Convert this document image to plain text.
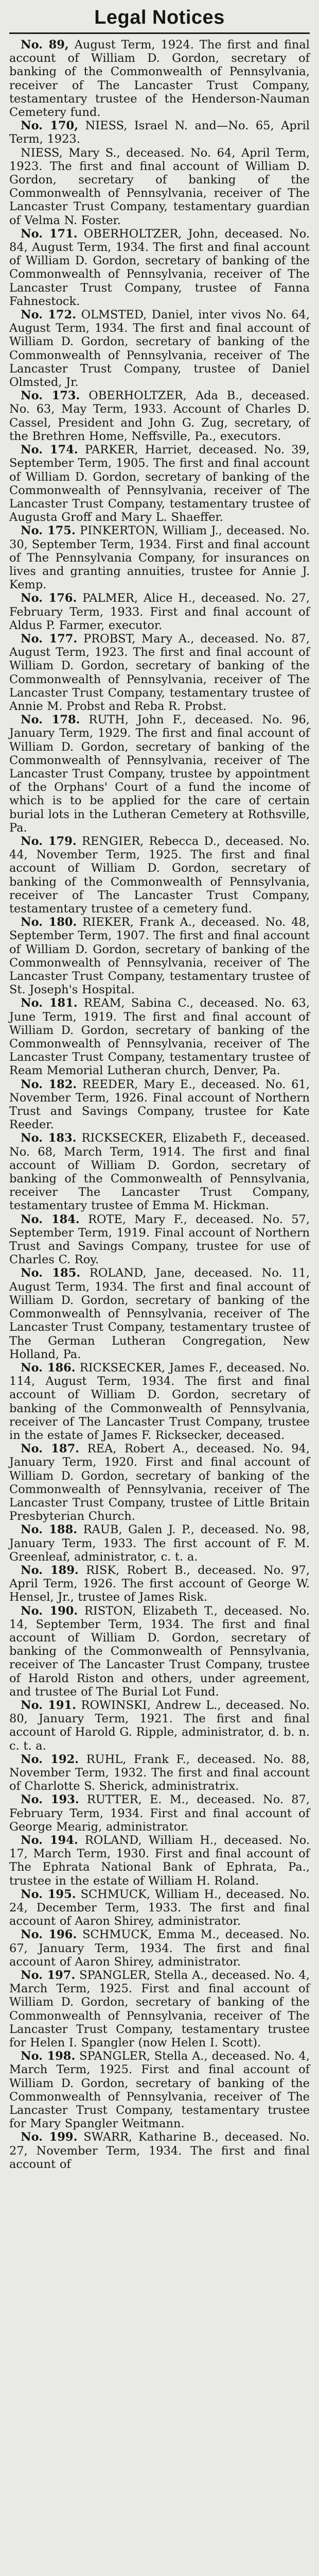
Legal Notices

No. 89, August Term, 1924. The first and final account of William D. Gordon, secretary of banking of the Commonwealth of Pennsylvania, receiver of The Lancaster Trust Company, testamentary trustee of the Henderson-Nauman Cemetery fund.

No. 170, NIESS, Israel N. and—No. 65, April Term, 1923.

NIESS, Mary S., deceased. No. 64, April Term, 1923. The first and final account of William D. Gordon, secretary of banking of the Commonwealth of Pennsylvania, receiver of The Lancaster Trust Company, testamentary guardian of Velma N. Foster.

No. 171. OBERHOLTZER, John, deceased. No. 84, August Term, 1934. The first and final account of William D. Gordon, secretary of banking of the Commonwealth of Pennsylvania, receiver of The Lancaster Trust Company, trustee of Fanna Fahnestock.

No. 172. OLMSTED, Daniel, inter vivos No. 64, August Term, 1934. The first and final account of William D. Gordon, secretary of banking of the Commonwealth of Pennsylvania, receiver of The Lancaster Trust Company, trustee of Daniel Olmsted, Jr.

No. 173. OBERHOLTZER, Ada B., deceased. No. 63, May Term, 1933. Account of Charles D. Cassel, President and John G. Zug, secretary, of the Brethren Home, Neffsville, Pa., executors.

No. 174. PARKER, Harriet, deceased. No. 39, September Term, 1905. The first and final account of William D. Gordon, secretary of banking of the Commonwealth of Pennsylvania, receiver of The Lancaster Trust Company, testamentary trustee of Augusta Groff and Mary L. Shaeffer.

No. 175. PINKERTON, William J., deceased. No. 30, September Term, 1934. First and final account of The Pennsylvania Company, for insurances on lives and granting annuities, trustee for Annie J. Kemp.

No. 176. PALMER, Alice H., deceased. No. 27, February Term, 1933. First and final account of Aldus P. Farmer, executor.

No. 177. PROBST, Mary A., deceased. No. 87, August Term, 1923. The first and final account of William D. Gordon, secretary of banking of the Commonwealth of Pennsylvania, receiver of The Lancaster Trust Company, testamentary trustee of Annie M. Probst and Reba R. Probst.

No. 178. RUTH, John F., deceased. No. 96, January Term, 1929. The first and final account of William D. Gordon, secretary of banking of the Commonwealth of Pennsylvania, receiver of The Lancaster Trust Company, trustee by appointment of the Orphans' Court of a fund the income of which is to be applied for the care of certain burial lots in the Lutheran Cemetery at Rothsville, Pa.

No. 179. RENGIER, Rebecca D., deceased. No. 44, November Term, 1925. The first and final account of William D. Gordon, secretary of banking of the Commonwealth of Pennsylvania, receiver of The Lancaster Trust Company, testamentary trustee of a cemetery fund.

No. 180. RIEKER, Frank A., deceased. No. 48, September Term, 1907. The first and final account of William D. Gordon, secretary of banking of the Commonwealth of Pennsylvania, receiver of The Lancaster Trust Company, testamentary trustee of St. Joseph's Hospital.

No. 181. REAM, Sabina C., deceased. No. 63, June Term, 1919. The first and final account of William D. Gordon, secretary of banking of the Commonwealth of Pennsylvania, receiver of The Lancaster Trust Company, testamentary trustee of Ream Memorial Lutheran church, Denver, Pa.

No. 182. REEDER, Mary E., deceased. No. 61, November Term, 1926. Final account of Northern Trust and Savings Company, trustee for Kate Reeder.

No. 183. RICKSECKER, Elizabeth F., deceased. No. 68, March Term, 1914. The first and final account of William D. Gordon, secretary of banking of the Commonwealth of Pennsylvania, receiver The Lancaster Trust Company, testamentary trustee of Emma M. Hickman.

No. 184. ROTE, Mary F., deceased. No. 57, September Term, 1919. Final account of Northern Trust and Savings Company, trustee for use of Charles C. Roy.

No. 185. ROLAND, Jane, deceased. No. 11, August Term, 1934. The first and final account of William D. Gordon, secretary of banking of the Commonwealth of Pennsylvania, receiver of The Lancaster Trust Company, testamentary trustee of The German Lutheran Congregation, New Holland, Pa.

No. 186. RICKSECKER, James F., deceased. No. 114, August Term, 1934. The first and final account of William D. Gordon, secretary of banking of the Commonwealth of Pennsylvania, receiver of The Lancaster Trust Company, trustee in the estate of James F. Ricksecker, deceased.

No. 187. REA, Robert A., deceased. No. 94, January Term, 1920. First and final account of William D. Gordon, secretary of banking of the Commonwealth of Pennsylvania, receiver of The Lancaster Trust Company, trustee of Little Britain Presbyterian Church.

No. 188. RAUB, Galen J. P., deceased. No. 98, January Term, 1933. The first account of F. M. Greenleaf, administrator, c. t. a.

No. 189. RISK, Robert B., deceased. No. 97, April Term, 1926. The first account of George W. Hensel, Jr., trustee of James Risk.

No. 190. RISTON, Elizabeth T., deceased. No. 14, September Term, 1934. The first and final account of William D. Gordon, secretary of banking of the Commonwealth of Pennsylvania, receiver of The Lancaster Trust Company, trustee of Harold Riston and others, under agreement, and trustee of The Burial Lot Fund.

No. 191. ROWINSKI, Andrew L., deceased. No. 80, January Term, 1921. The first and final account of Harold G. Ripple, administrator, d. b. n. c. t. a.

No. 192. RUHL, Frank F., deceased. No. 88, November Term, 1932. The first and final account of Charlotte S. Sherick, administratrix.

No. 193. RUTTER, E. M., deceased. No. 87, February Term, 1934. First and final account of George Mearig, administrator.

No. 194. ROLAND, William H., deceased. No. 17, March Term, 1930. First and final account of The Ephrata National Bank of Ephrata, Pa., trustee in the estate of William H. Roland.

No. 195. SCHMUCK, William H., deceased. No. 24, December Term, 1933. The first and final account of Aaron Shirey, administrator.

No. 196. SCHMUCK, Emma M., deceased. No. 67, January Term, 1934. The first and final account of Aaron Shirey, administrator.

No. 197. SPANGLER, Stella A., deceased. No. 4, March Term, 1925. First and final account of William D. Gordon, secretary of banking of the Commonwealth of Pennsylvania, receiver of The Lancaster Trust Company, testamentary trustee for Helen I. Spangler (now Helen I. Scott).

No. 198. SPANGLER, Stella A., deceased. No. 4, March Term, 1925. First and final account of William D. Gordon, secretary of banking of the Commonwealth of Pennsylvania, receiver of The Lancaster Trust Company, testamentary trustee for Mary Spangler Weitmann.

No. 199. SWARR, Katharine B., deceased. No. 27, November Term, 1934. The first and final account of
